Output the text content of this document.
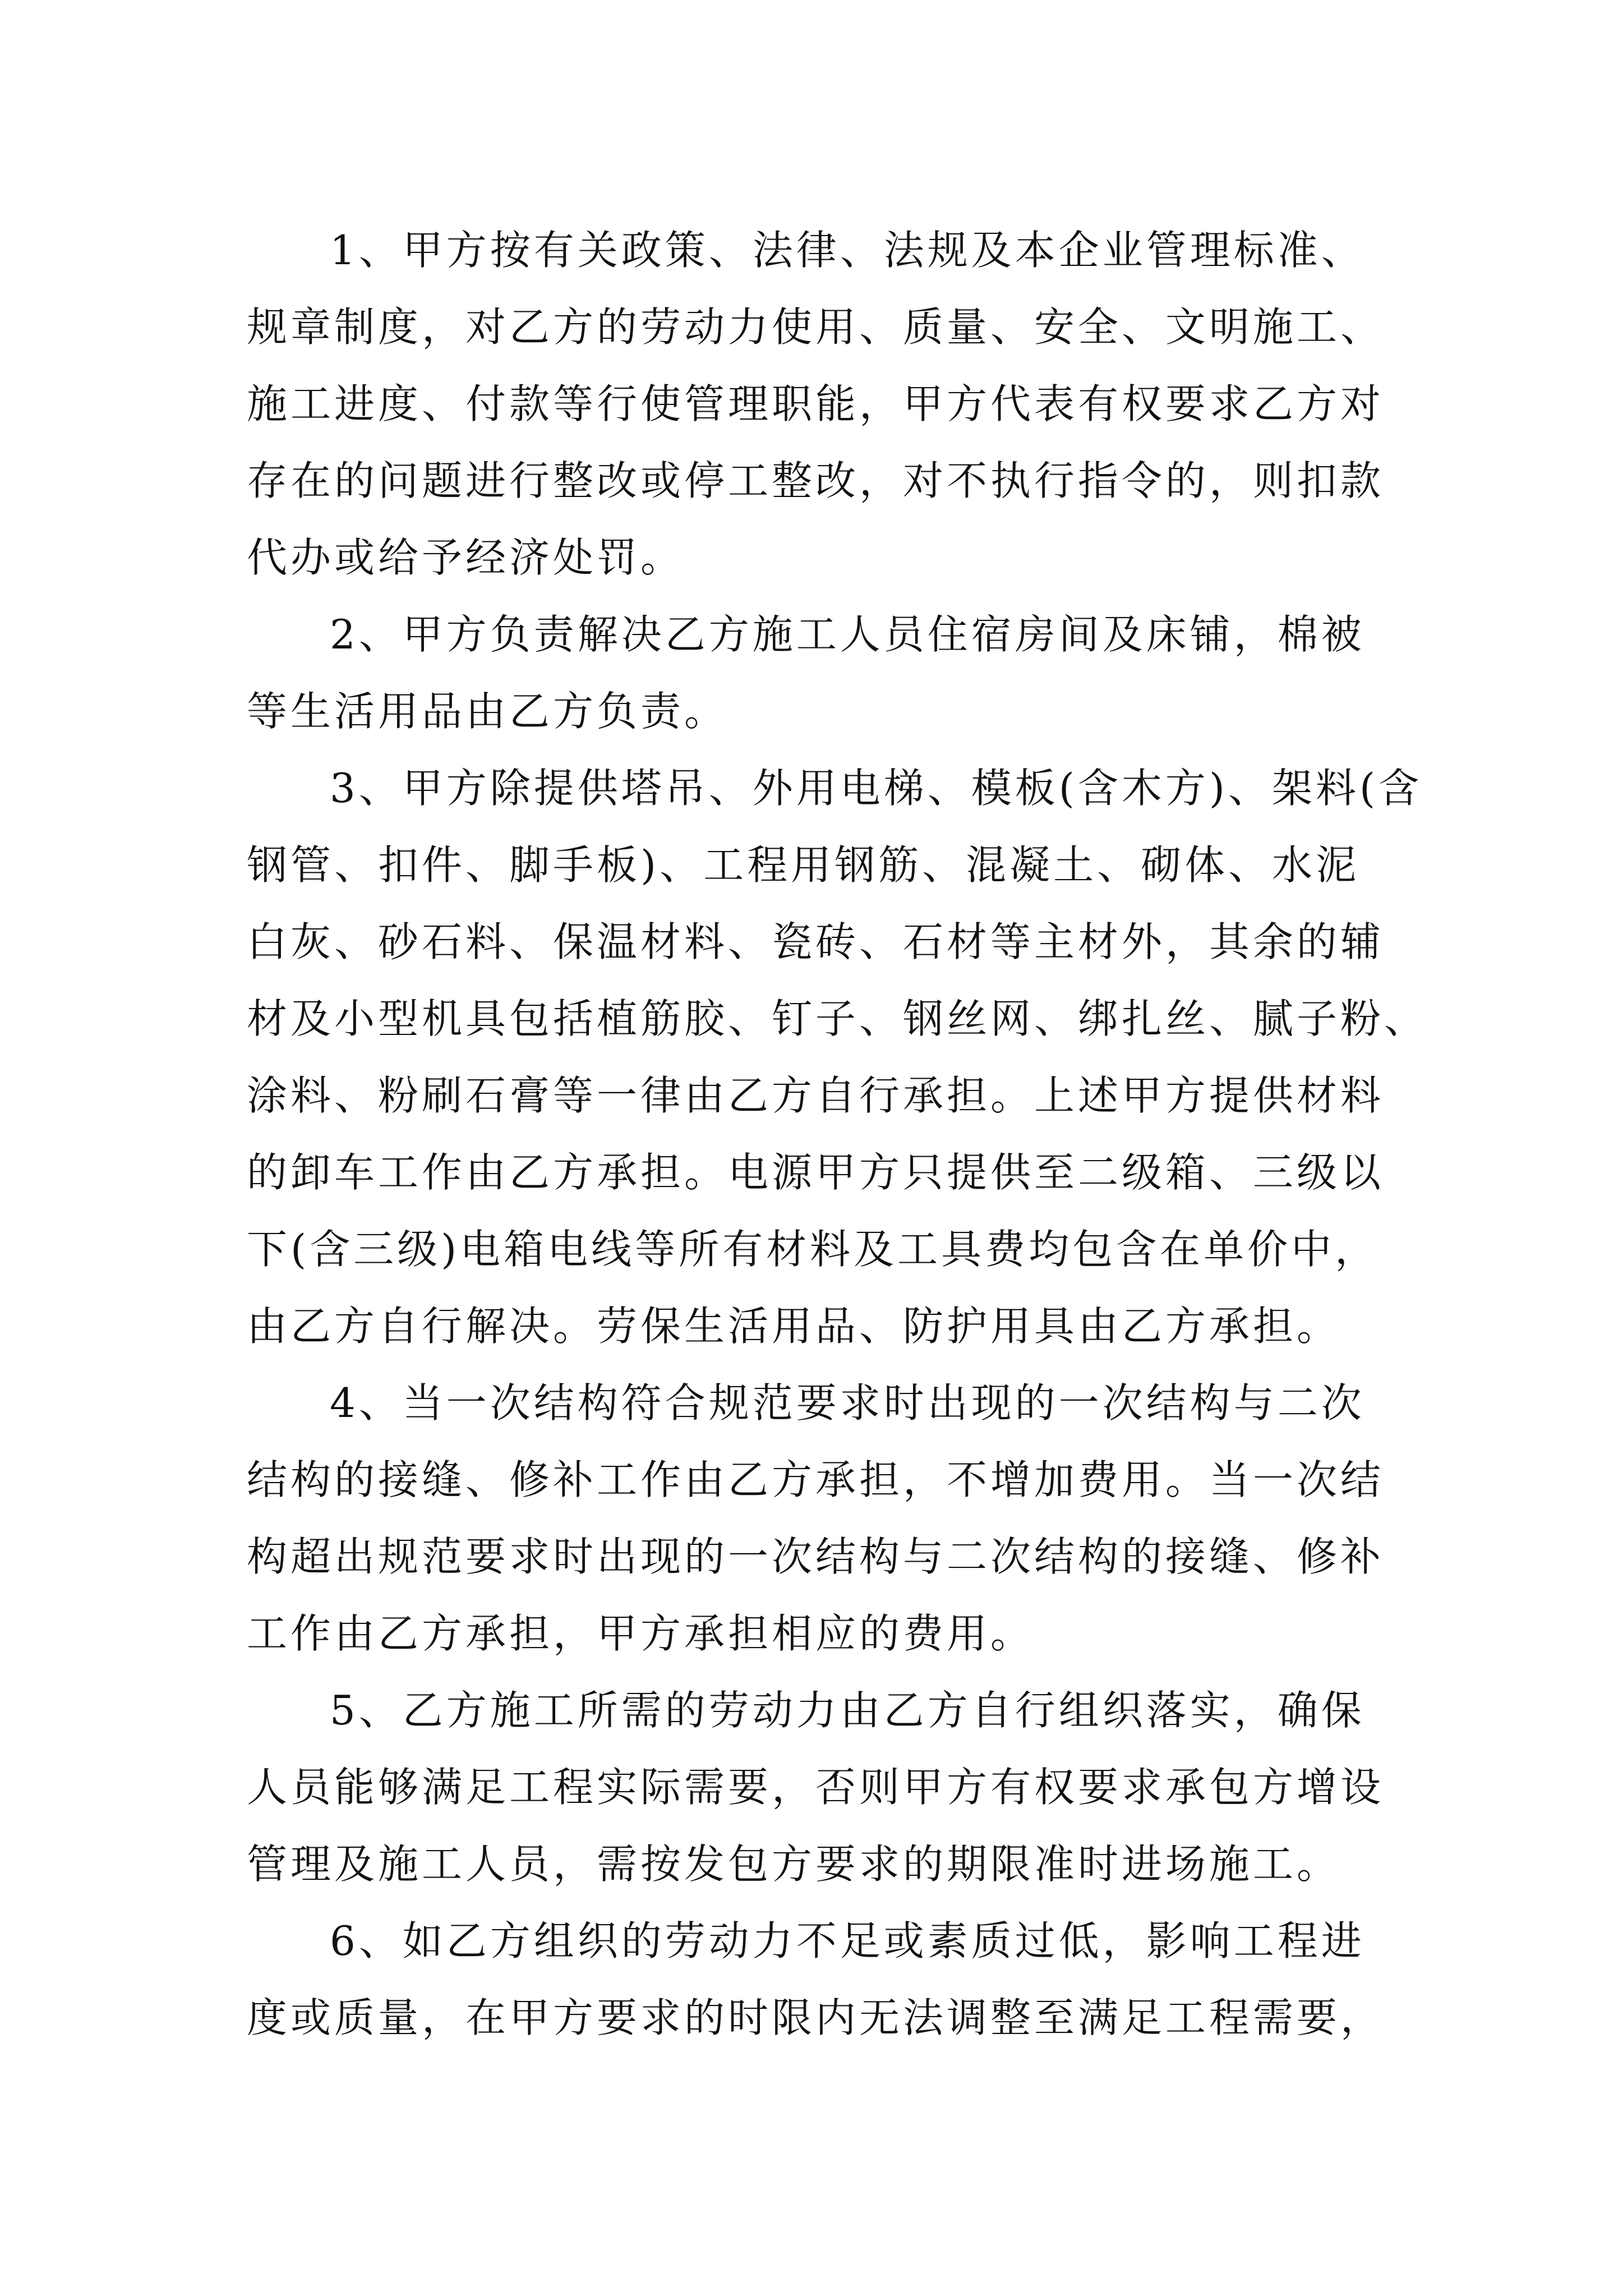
1、甲方按有关政策、法律、法规及本企业管理标准、
规章制度，对乙方的劳动力使用、质量、安全、文明施工、
施工进度、付款等行使管理职能，甲方代表有权要求乙方对
存在的问题进行整改或停工整改，对不执行指令的，则扣款
代办或给予经济处罚。
2、甲方负责解决乙方施工人员住宿房间及床铺，棉被
等生活用品由乙方负责。
3、甲方除提供塔吊、外用电梯、模板(含木方)、架料(含
钢管、扣件、脚手板)、工程用钢筋、混凝土、砌体、水泥
白灰、砂石料、保温材料、瓷砖、石材等主材外，其余的辅
材及小型机具包括植筋胶、钉子、钢丝网、绑扎丝、腻子粉、
涂料、粉刷石膏等一律由乙方自行承担。上述甲方提供材料
的卸车工作由乙方承担。电源甲方只提供至二级箱、三级以
下(含三级)电箱电线等所有材料及工具费均包含在单价中，
由乙方自行解决。劳保生活用品、防护用具由乙方承担。
4、当一次结构符合规范要求时出现的一次结构与二次
结构的接缝、修补工作由乙方承担，不增加费用。当一次结
构超出规范要求时出现的一次结构与二次结构的接缝、修补
工作由乙方承担，甲方承担相应的费用。
5、乙方施工所需的劳动力由乙方自行组织落实，确保
人员能够满足工程实际需要，否则甲方有权要求承包方增设
管理及施工人员，需按发包方要求的期限准时进场施工。
6、如乙方组织的劳动力不足或素质过低，影响工程进
度或质量，在甲方要求的时限内无法调整至满足工程需要，
